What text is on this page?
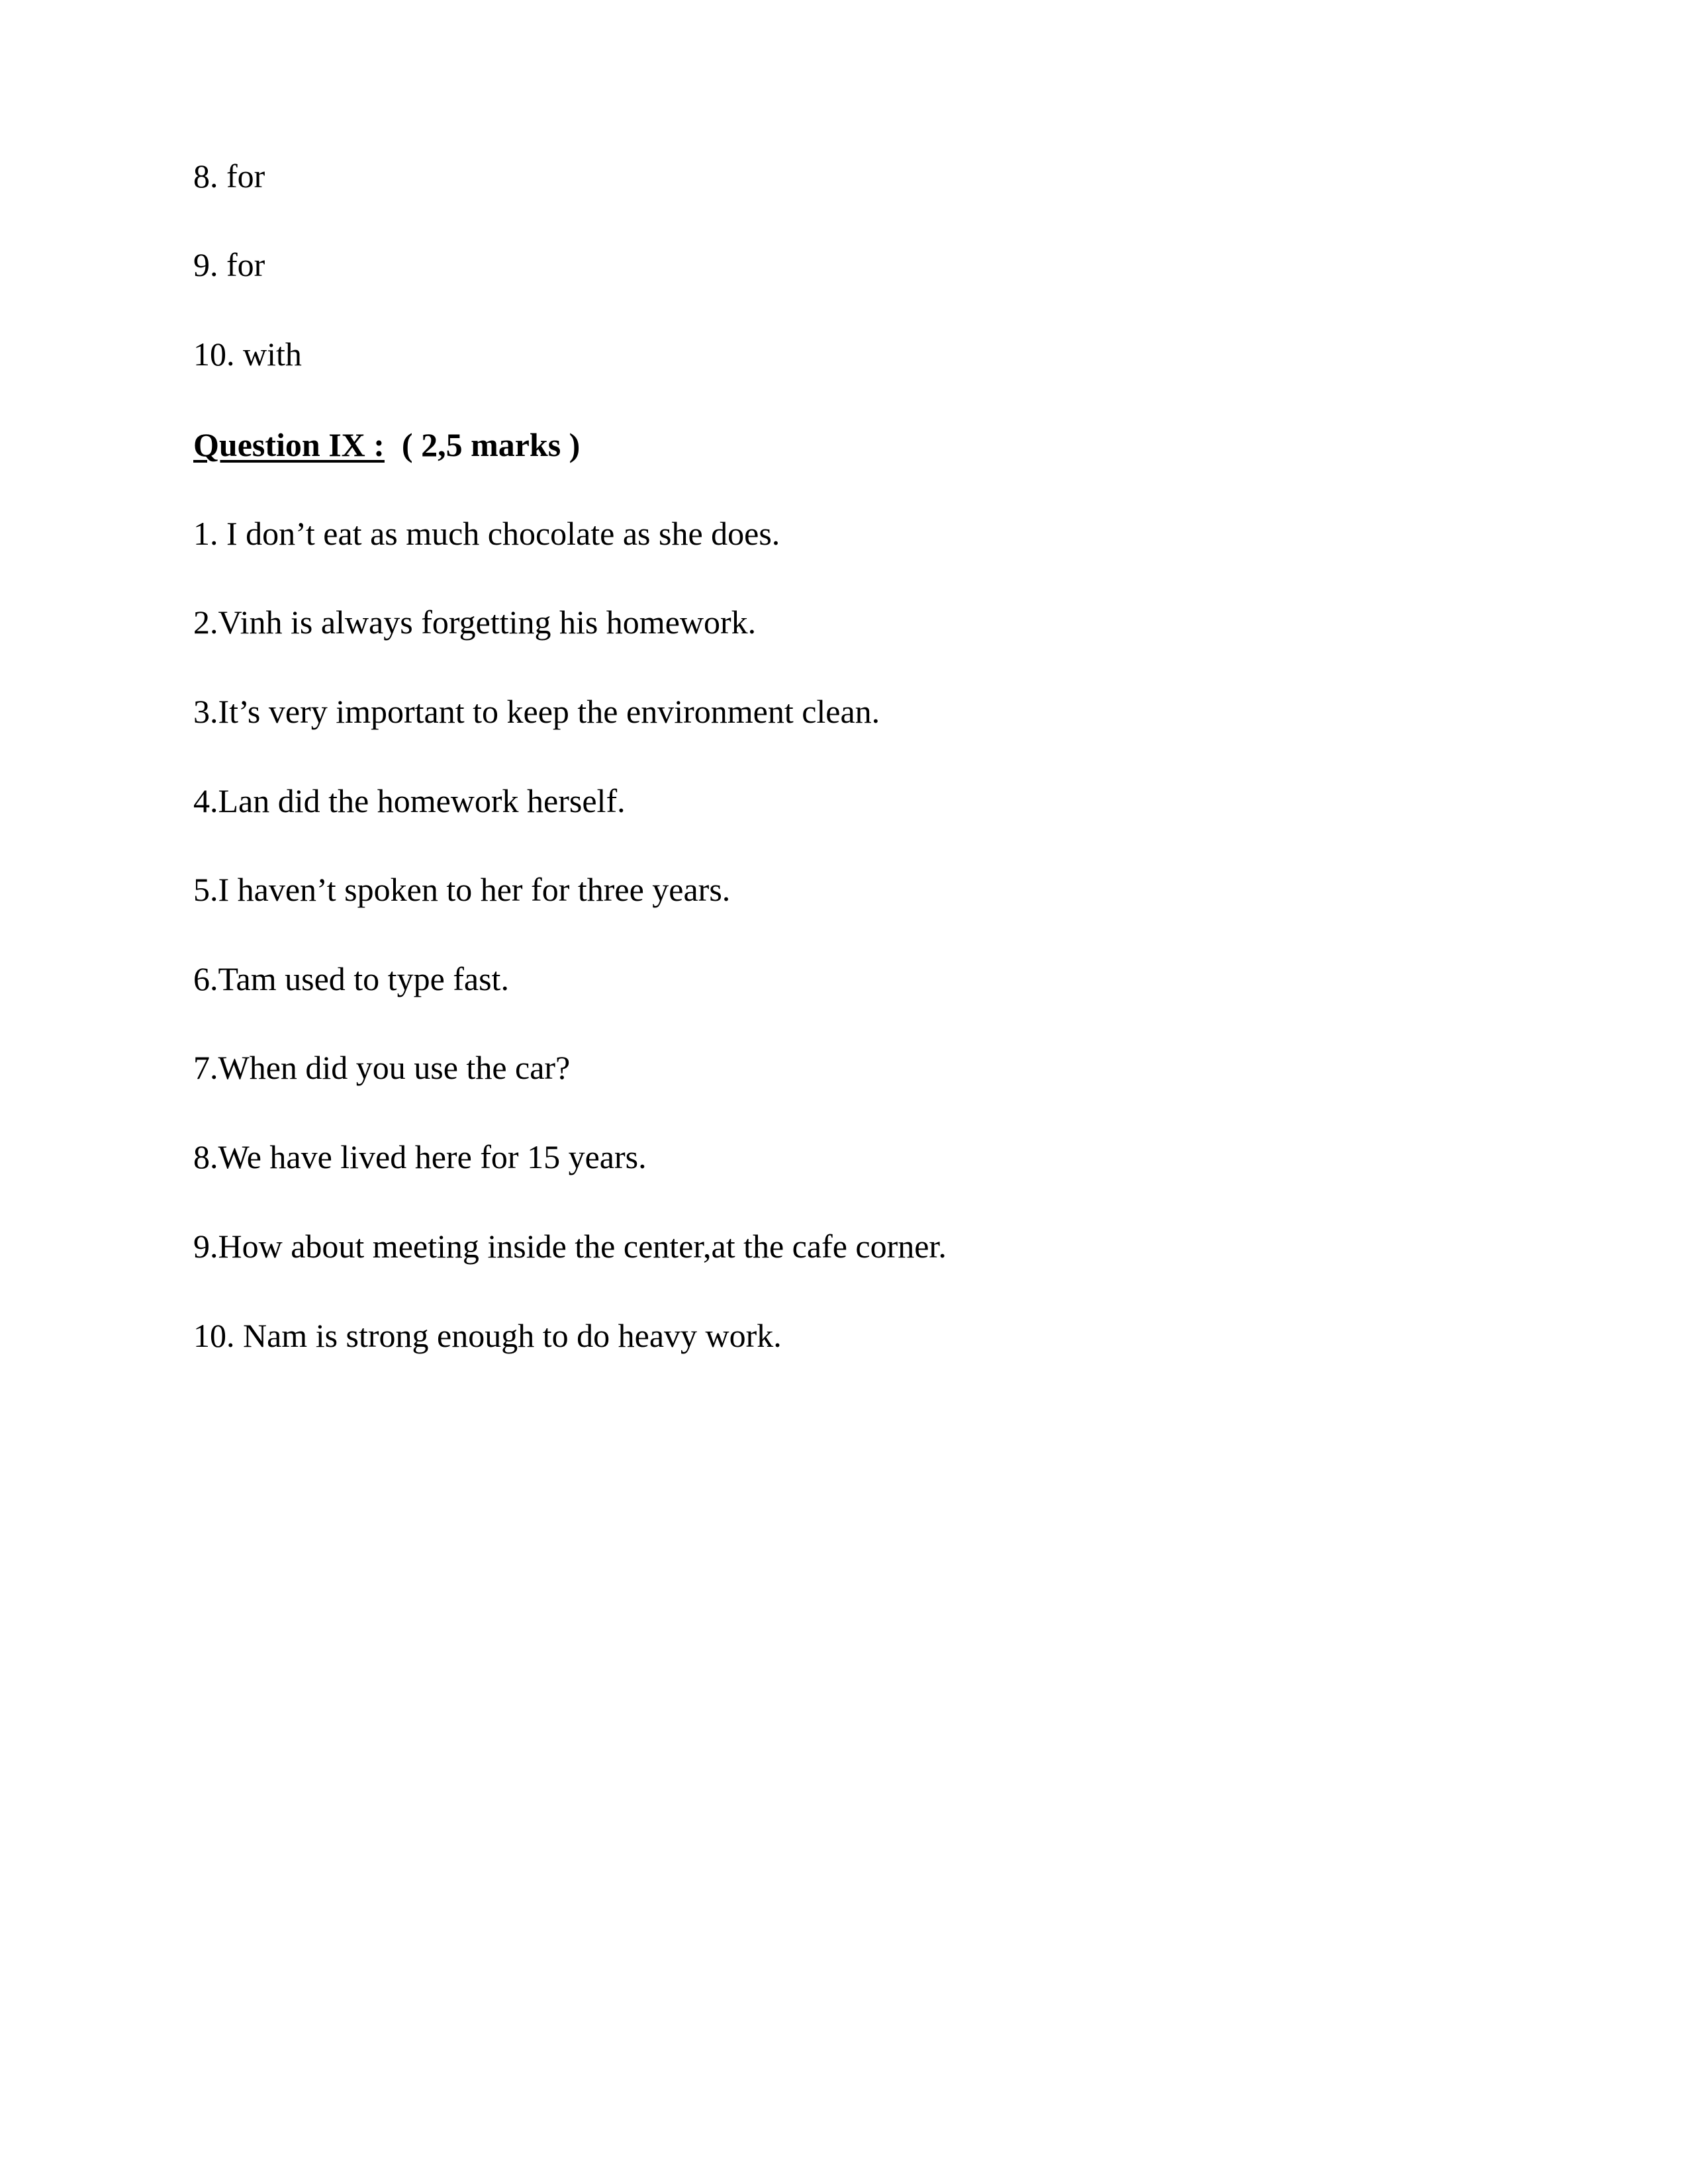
8. for

9. for

10. with

Question IX : ( 2,5 marks )

1. I don’t eat as much chocolate as she does.

2.Vinh is always forgetting his homework.

3.It’s very important to keep the environment clean.

4.Lan did the homework herself.

5.I haven’t spoken to her for three years.

6.Tam used to type fast.

7.When did you use the car?

8.We have lived here for 15 years.

9.How about meeting inside the center,at the cafe corner.

10. Nam is strong enough to do heavy work.
